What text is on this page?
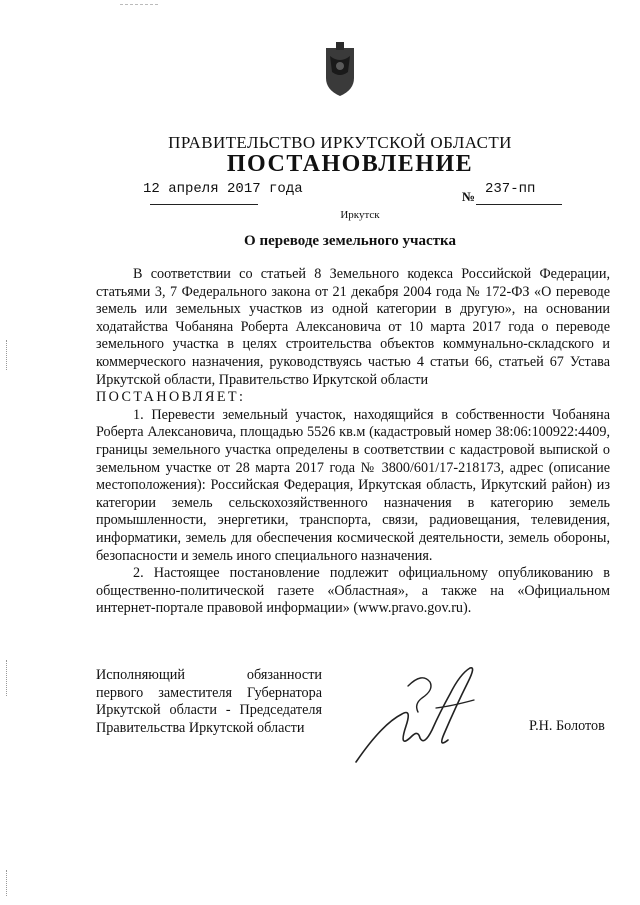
ПРАВИТЕЛЬСТВО ИРКУТСКОЙ ОБЛАСТИ
ПОСТАНОВЛЕНИЕ
12 апреля 2017 года	№ 237-пп
Иркутск
О переводе земельного участка

В соответствии со статьей 8 Земельного кодекса Российской Федерации, статьями 3, 7 Федерального закона от 21 декабря 2004 года № 172-ФЗ «О переводе земель или земельных участков из одной категории в другую», на основании ходатайства Чобаняна Роберта Алексановича от 10 марта 2017 года о переводе земельного участка в целях строительства объектов коммунально-складского и коммерческого назначения, руководствуясь частью 4 статьи 66, статьей 67 Устава Иркутской области, Правительство Иркутской области

ПОСТАНОВЛЯЕТ:

1. Перевести земельный участок, находящийся в собственности Чобаняна Роберта Алексановича, площадью 5526 кв.м (кадастровый номер 38:06:100922:4409, границы земельного участка определены в соответствии с кадастровой выпиской о земельном участке от 28 марта 2017 года № 3800/601/17-218173, адрес (описание местоположения): Российская Федерация, Иркутская область, Иркутский район) из категории земель сельскохозяйственного назначения в категорию земель промышленности, энергетики, транспорта, связи, радиовещания, телевидения, информатики, земель для обеспечения космической деятельности, земель обороны, безопасности и земель иного специального назначения.

2. Настоящее постановление подлежит официальному опубликованию в общественно-политической газете «Областная», а также на «Официальном интернет-портале правовой информации» (www.pravo.gov.ru).

Исполняющий обязанности
первого заместителя Губернатора
Иркутской области - Председателя
Правительства Иркутской области	Р.Н. Болотов
